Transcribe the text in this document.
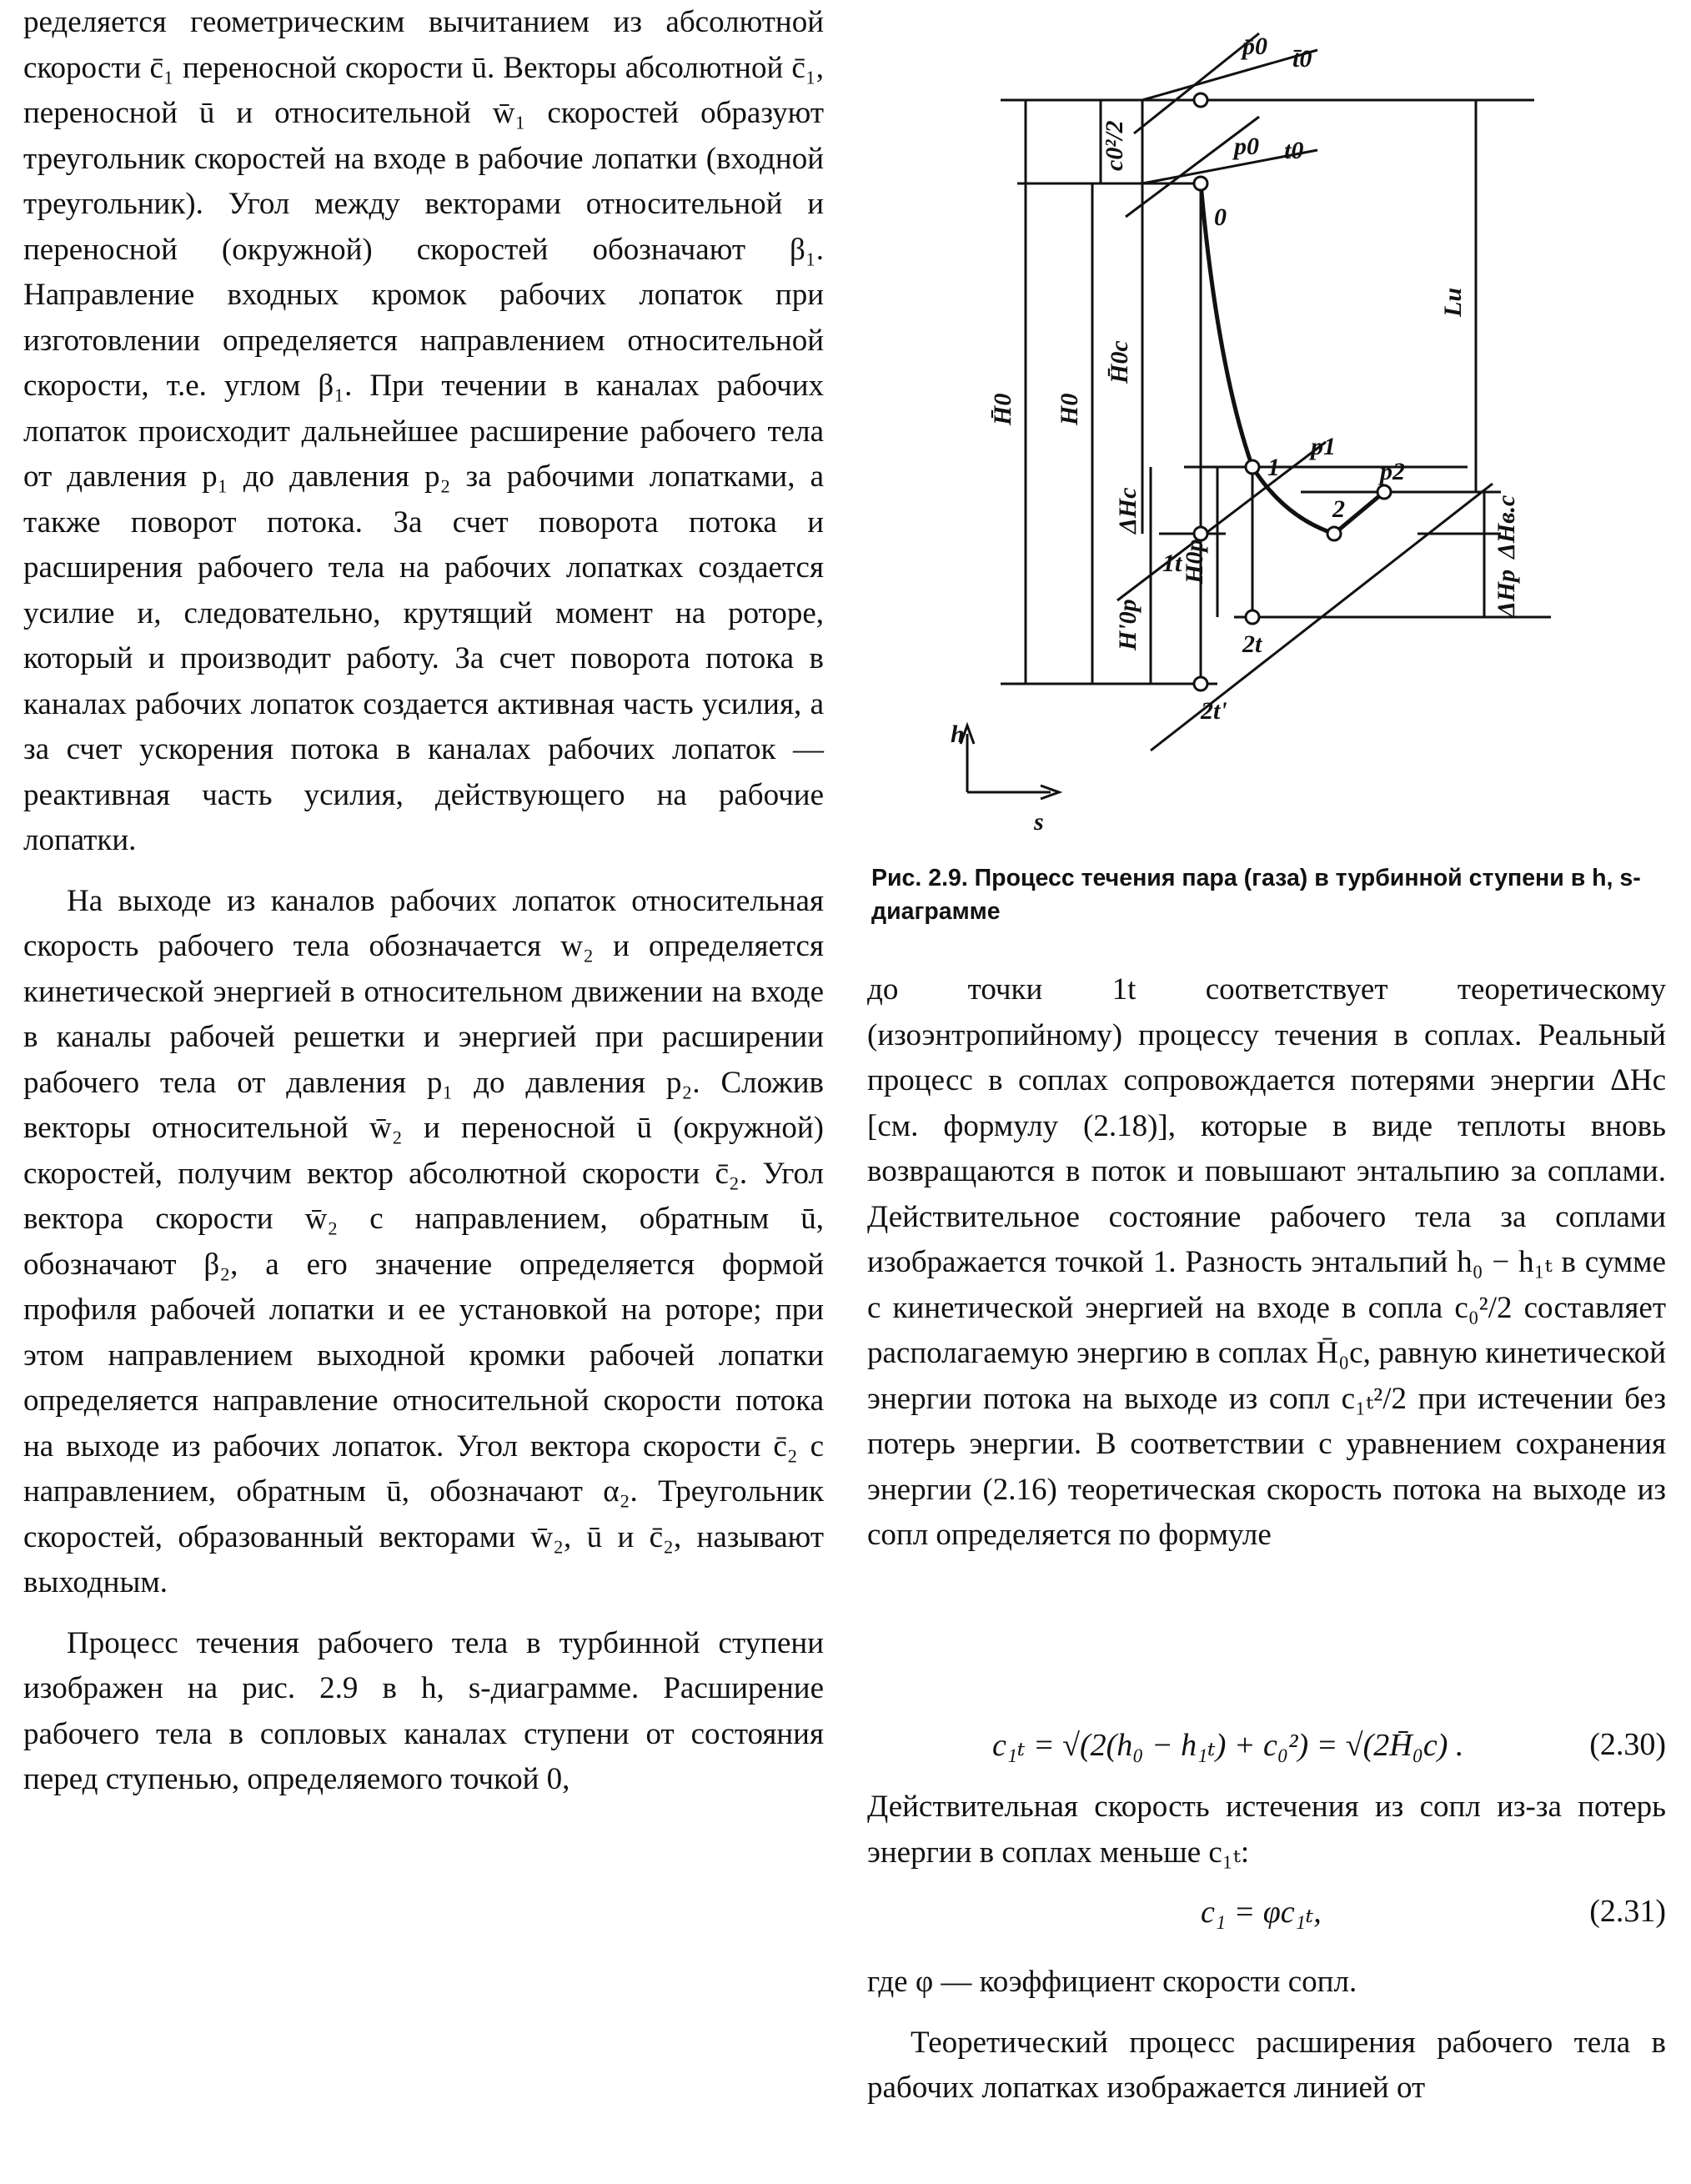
ределяется геометрическим вычитанием из абсолютной скорости c̄₁ переносной скорости ū. Векторы абсолютной c̄₁, переносной ū и относительной w̄₁ скоростей образуют треугольник скоростей на входе в рабочие лопатки (входной треугольник). Угол между векторами относительной и переносной (окружной) скоростей обозначают β₁. Направление входных кромок рабочих лопаток при изготовлении определяется направлением относительной скорости, т.е. углом β₁. При течении в каналах рабочих лопаток происходит дальнейшее расширение рабочего тела от давления p₁ до давления p₂ за рабочими лопатками, а также поворот потока. За счет поворота потока и расширения рабочего тела на рабочих лопатках создается усилие и, следовательно, крутящий момент на роторе, который и производит работу. За счет поворота потока в каналах рабочих лопаток создается активная часть усилия, а за счет ускорения потока в каналах рабочих лопаток — реактивная часть усилия, действующего на рабочие лопатки.

На выходе из каналов рабочих лопаток относительная скорость рабочего тела обозначается w₂ и определяется кинетической энергией в относительном движении на входе в каналы рабочей решетки и энергией при расширении рабочего тела от давления p₁ до давления p₂. Сложив векторы относительной w̄₂ и переносной ū (окружной) скоростей, получим вектор абсолютной скорости c̄₂. Угол вектора скорости w̄₂ с направлением, обратным ū, обозначают β₂, а его значение определяется формой профиля рабочей лопатки и ее установкой на роторе; при этом направлением выходной кромки рабочей лопатки определяется направление относительной скорости потока на выходе из рабочих лопаток. Угол вектора скорости c̄₂ с направлением, обратным ū, обозначают α₂. Треугольник скоростей, образованный векторами w̄₂, ū и c̄₂, называют выходным.

Процесс течения рабочего тела в турбинной ступени изображен на рис. 2.9 в h, s-диаграмме. Расширение рабочего тела в сопловых каналах ступени от состояния перед ступенью, определяемого точкой 0,

p̄0 t̄0
p0 t0
0
1
p1
1t
2
p2
2t
2t'
h
s
H̄0 H0
H̄0c
c0²/2
Lu
ΔHc
H0p
H'0p
ΔHв.с
ΔHp
Рис. 2.9. Процесс течения пара (газа) в турбинной ступени в h, s-диаграмме

до точки 1t соответствует теоретическому (изоэнтропийному) процессу течения в соплах. Реальный процесс в соплах сопровождается потерями энергии ΔHс [см. формулу (2.18)], которые в виде теплоты вновь возвращаются в поток и повышают энтальпию за соплами. Действительное состояние рабочего тела за соплами изображается точкой 1. Разность энтальпий h₀ − h₁ₜ в сумме с кинетической энергией на входе в сопла c₀²/2 составляет располагаемую энергию в соплах H̄₀с, равную кинетической энергии потока на выходе из сопл c₁ₜ²/2 при истечении без потерь энергии. В соответствии с уравнением сохранения энергии (2.16) теоретическая скорость потока на выходе из сопл определяется по формуле

c₁ₜ = √(2(h₀ − h₁ₜ) + c₀²) = √(2H̄₀с) .	(2.30)

Действительная скорость истечения из сопл из-за потерь энергии в соплах меньше c₁ₜ:

c₁ = φc₁ₜ,	(2.31)

где φ — коэффициент скорости сопл.

Теоретический процесс расширения рабочего тела в рабочих лопатках изображается линией от
